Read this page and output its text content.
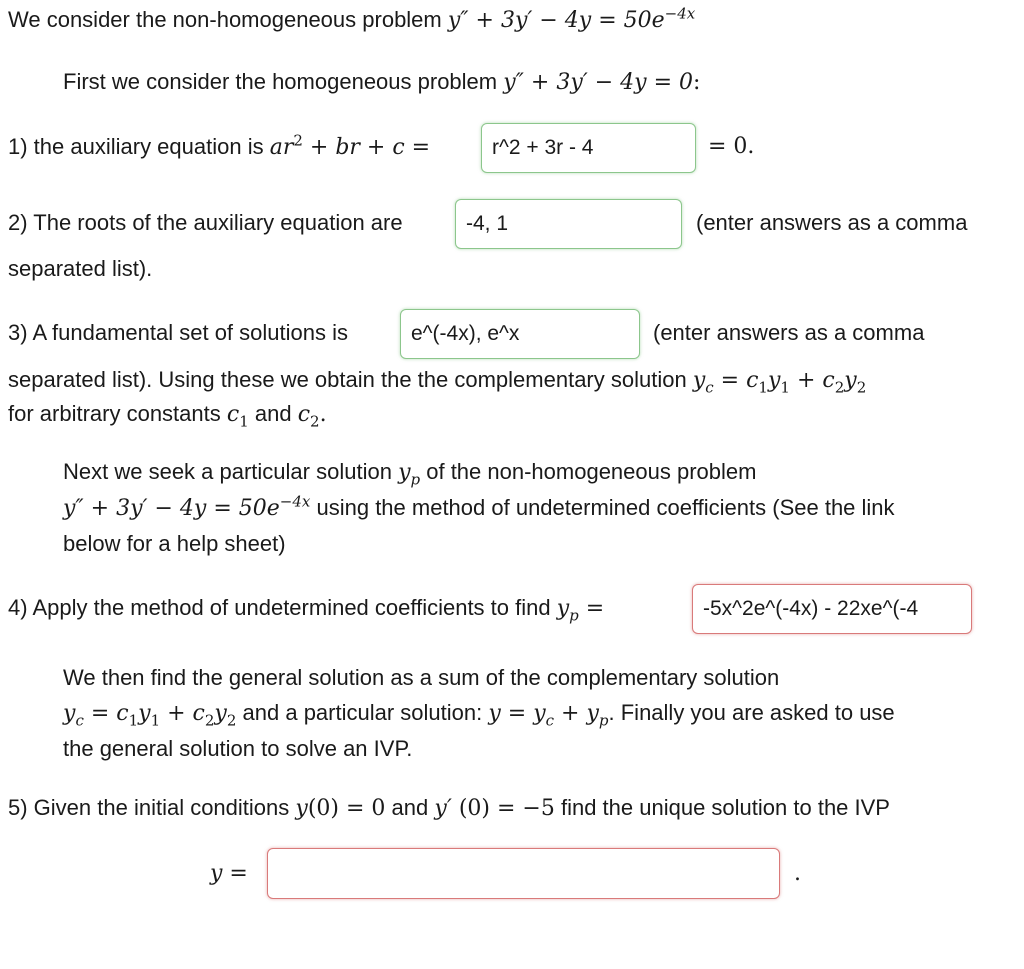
We consider the non-homogeneous problem $y'' + 3y' - 4y = 50e^{-4x}$
First we consider the homogeneous problem y″ + 3y′ − 4y = 0:
1) the auxiliary equation is $ar^2$ + br + c =	r^2 + 3r - 4	= 0.
2) The roots of the auxiliary equation are	-4, 1	(enter answers as a comma
separated list).
3) A fundamental set of solutions is	e^(-4x), e^x	(enter answers as a comma
separated list). Using these we obtain the the complementary solution $y_c = c_1y_1 + c_2y_2$
for arbitrary constants $c_1$ and $c_2$.
Next we seek a particular solution $y_p$ of the non-homogeneous problem
$y'' + 3y' - 4y = 50e^{-4x}$ using the method of undetermined coefficients (See the link
below for a help sheet)
4) Apply the method of undetermined coefficients to find $y_p$ =	-5x^2e^(-4x) - 22xe^(-4
We then find the general solution as a sum of the complementary solution
$y_c = c_1y_1 + c_2y_2$ and a particular solution: $y = y_c + y_p$. Finally you are asked to use
the general solution to solve an IVP.
5) Given the initial conditions y(0) = 0 and y′ (0) = −5 find the unique solution to the IVP
y =	.
